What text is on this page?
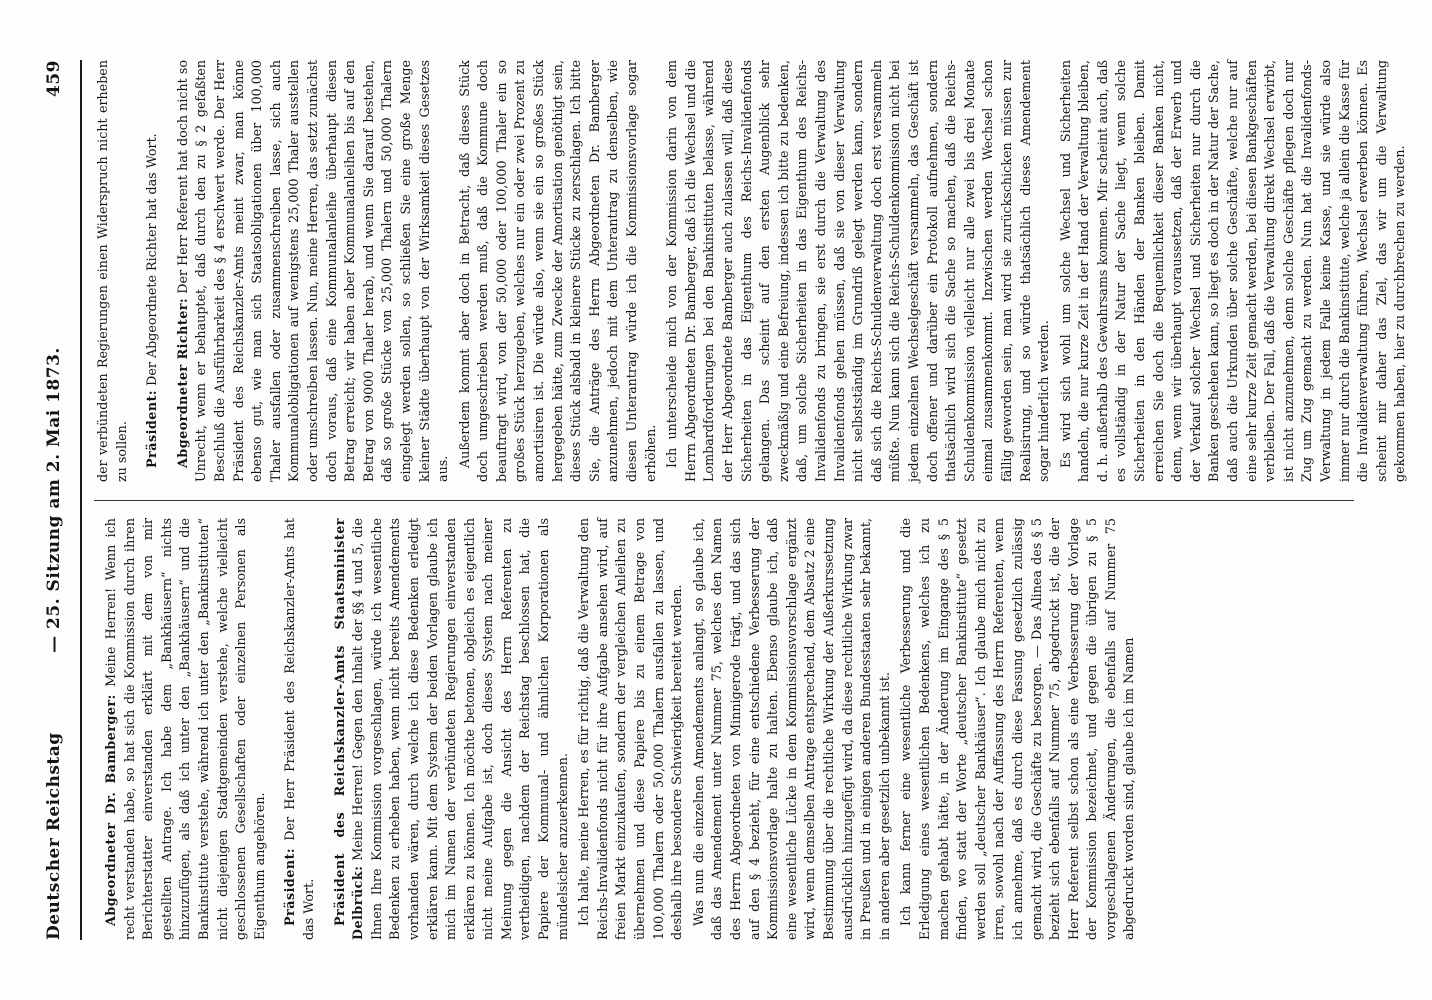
Deutscher Reichstag
— 25. Sitzung am 2. Mai 1873.
459

Abgeordneter Dr. Bamberger: Meine Herren! Wenn ich recht verstanden habe, so hat sich die Kommission durch ihren Berichterstatter einverstanden erklärt mit dem von mir gestellten Antrage. Ich habe dem „Bankhäusern“ nichts hinzuzufügen, als daß ich unter den „Bankhäusern“ und die Bankinstitute verstehe, während ich unter den „Bankinstituten“ nicht diejenigen Stadtgemeinden verstehe, welche vielleicht geschlossenen Gesellschaften oder einzelnen Personen als Eigenthum angehören. Präsident: Der Herr Präsident des Reichskanzler-Amts hat das Wort. Präsident des Reichskanzler-Amts Staatsminister Delbrück: Meine Herren! Gegen den Inhalt der §§ 4 und 5, die Ihnen Ihre Kommission vorgeschlagen, würde ich wesentliche Bedenken zu erheben haben, wenn nicht bereits Amendements vorhanden wären, durch welche ich diese Bedenken erledigt erklären kann. Mit dem System der beiden Vorlagen glaube ich mich im Namen der verbündeten Regierungen einverstanden erklären zu können. Ich möchte betonen, obgleich es eigentlich nicht meine Aufgabe ist, doch dieses System nach meiner Meinung gegen die Ansicht des Herrn Referenten zu vertheidigen, nachdem der Reichstag beschlossen hat, die Papiere der Kommunal- und ähnlichen Korporationen als mündelsicher anzuerkennen. Ich halte, meine Herren, es für richtig, daß die Verwaltung den Reichs-Invalidenfonds nicht für ihre Aufgabe ansehen wird, auf freien Markt einzukaufen, sondern der vergleichen Anleihen zu übernehmen und diese Papiere bis zu einem Betrage von 100,000 Thalern oder 50,000 Thalern ausfallen zu lassen, und deshalb ihre besondere Schwierigkeit bereitet werden. Was nun die einzelnen Amendements anlangt, so glaube ich, daß das Amendement unter Nummer 75, welches den Namen des Herrn Abgeordneten von Minnigerode trägt, und das sich auf den § 4 bezieht, für eine entschiedene Verbesserung der Kommissionsvorlage halte zu halten. Ebenso glaube ich, daß eine wesentliche Lücke in dem Kommissionsvorschlage ergänzt wird, wenn demselben Antrage entsprechend, dem Absatz 2 eine Bestimmung über die rechtliche Wirkung der Außerkurssetzung ausdrücklich hinzugefügt wird, da diese rechtliche Wirkung zwar in Preußen und in einigen anderen Bundesstaaten sehr bekannt, in anderen aber gesetzlich unbekannt ist. Ich kann ferner eine wesentliche Verbesserung und die Erledigung eines wesentlichen Bedenkens, welches ich zu machen gehabt hätte, in der Änderung im Eingange des § 5 finden, wo statt der Worte „deutscher Bankinstitute“ gesetzt werden soll „deutscher Bankhäuser“. Ich glaube mich nicht zu irren, sowohl nach der Auffassung des Herrn Referenten, wenn ich annehme, daß es durch diese Fassung gesetzlich zulässig gemacht wird, die Geschäfte zu besorgen. — Das Alinea des § 5 bezieht sich ebenfalls auf Nummer 75, abgedruckt ist, die der Herr Referent selbst schon als eine Verbesserung der Vorlage der Kommission bezeichnet, und gegen die übrigen zu § 5 vorgeschlagenen Änderungen, die ebenfalls auf Nummer 75 abgedruckt worden sind, glaube ich im Namen

der verbündeten Regierungen einen Widerspruch nicht erheben zu sollen. Präsident: Der Abgeordnete Richter hat das Wort. Abgeordneter Richter: Der Herr Referent hat doch nicht so Unrecht, wenn er behauptet, daß durch den zu § 2 gefaßten Beschluß die Ausführbarkeit des § 4 erschwert werde. Der Herr Präsident des Reichskanzler-Amts meint zwar, man könne ebenso gut, wie man sich Staatsobligationen über 100,000 Thaler ausfallen oder zusammenschreiben lasse, sich auch Kommunalobligationen auf wenigstens 25,000 Thaler ausstellen oder umschreiben lassen. Nun, meine Herren, das setzt zunächst doch voraus, daß eine Kommunalanleihe überhaupt diesen Betrag erreicht; wir haben aber Kommunalanleihen bis auf den Betrag von 9000 Thaler herab, und wenn Sie darauf bestehen, daß so große Stücke von 25,000 Thalern und 50,000 Thalern eingelegt werden sollen, so schließen Sie eine große Menge kleiner Städte überhaupt von der Wirksamkeit dieses Gesetzes aus.

Außerdem kommt aber doch in Betracht, daß dieses Stück doch umgeschrieben werden muß, daß die Kommune doch beauftragt wird, von der 50,000 oder 100,000 Thaler ein so großes Stück herzugeben, welches nur ein oder zwei Prozent zu amortisiren ist. Die würde also, wenn sie ein so großes Stück hergegeben hätte, zum Zwecke der Amortisation genöthigt sein, dieses Stück alsbald in kleinere Stücke zu zerschlagen. Ich bitte Sie, die Anträge des Herrn Abgeordneten Dr. Bamberger anzunehmen, jedoch mit dem Unterantrag zu denselben, wie diesen Unterantrag würde ich die Kommissionsvorlage sogar erhöhen. Ich unterscheide mich von der Kommission darin von dem Herrn Abgeordneten Dr. Bamberger, daß ich die Wechsel und die Lombardforderungen bei den Bankinstituten belasse, während der Herr Abgeordnete Bamberger auch zulassen will, daß diese Sicherheiten in das Eigenthum des Reichs-Invalidenfonds gelangen. Das scheint auf den ersten Augenblick sehr zweckmäßig und eine Befreiung, indessen ich bitte zu bedenken, daß, um solche Sicherheiten in das Eigenthum des Reichs-Invalidenfonds zu bringen, sie erst durch die Verwaltung des Invalidenfonds gehen müssen, daß sie von dieser Verwaltung nicht selbstständig im Grundriß gelegt werden kann, sondern daß sich die Reichs-Schuldenverwaltung doch erst versammeln müßte. Nun kann sich die Reichs-Schuldenkommission nicht bei jedem einzelnen Wechselgeschäft versammeln, das Geschäft ist doch offener und darüber ein Protokoll aufnehmen, sondern thatsächlich wird sich die Sache so machen, daß die Reichs-Schuldenkommission vielleicht nur alle zwei bis drei Monate einmal zusammenkommt. Inzwischen werden Wechsel schon fällig geworden sein, man wird sie zurückschicken müssen zur Realisirung, und so würde thatsächlich dieses Amendement sogar hinderlich werden. Es wird sich wohl um solche Wechsel und Sicherheiten handeln, die nur kurze Zeit in der Hand der Verwaltung bleiben, d. h. außerhalb des Gewahrsams kommen. Mir scheint auch, daß es vollständig in der Natur der Sache liegt, wenn solche Sicherheiten in den Händen der Banken bleiben. Damit erreichen Sie doch die Bequemlichkeit dieser Banken nicht, denn, wenn wir überhaupt voraussetzen, daß der Erwerb und der Verkauf solcher Wechsel und Sicherheiten nur durch die Banken geschehen kann, so liegt es doch in der Natur der Sache, daß auch die Urkunden über solche Geschäfte, welche nur auf eine sehr kurze Zeit gemacht werden, bei diesen Bankgeschäften verbleiben. Der Fall, daß die Verwaltung direkt Wechsel erwirbt, ist nicht anzunehmen, denn solche Geschäfte pflegen doch nur Zug um Zug gemacht zu werden. Nun hat die Invalidenfonds-Verwaltung in jedem Falle keine Kasse, und sie würde also immer nur durch die Bankinstitute, welche ja allein die Kasse für die Invalidenverwaltung führen, Wechsel erwerben können. Es scheint mir daher das Ziel, das wir um die Verwaltung gekommen haben, hier zu durchbrechen zu werden.
